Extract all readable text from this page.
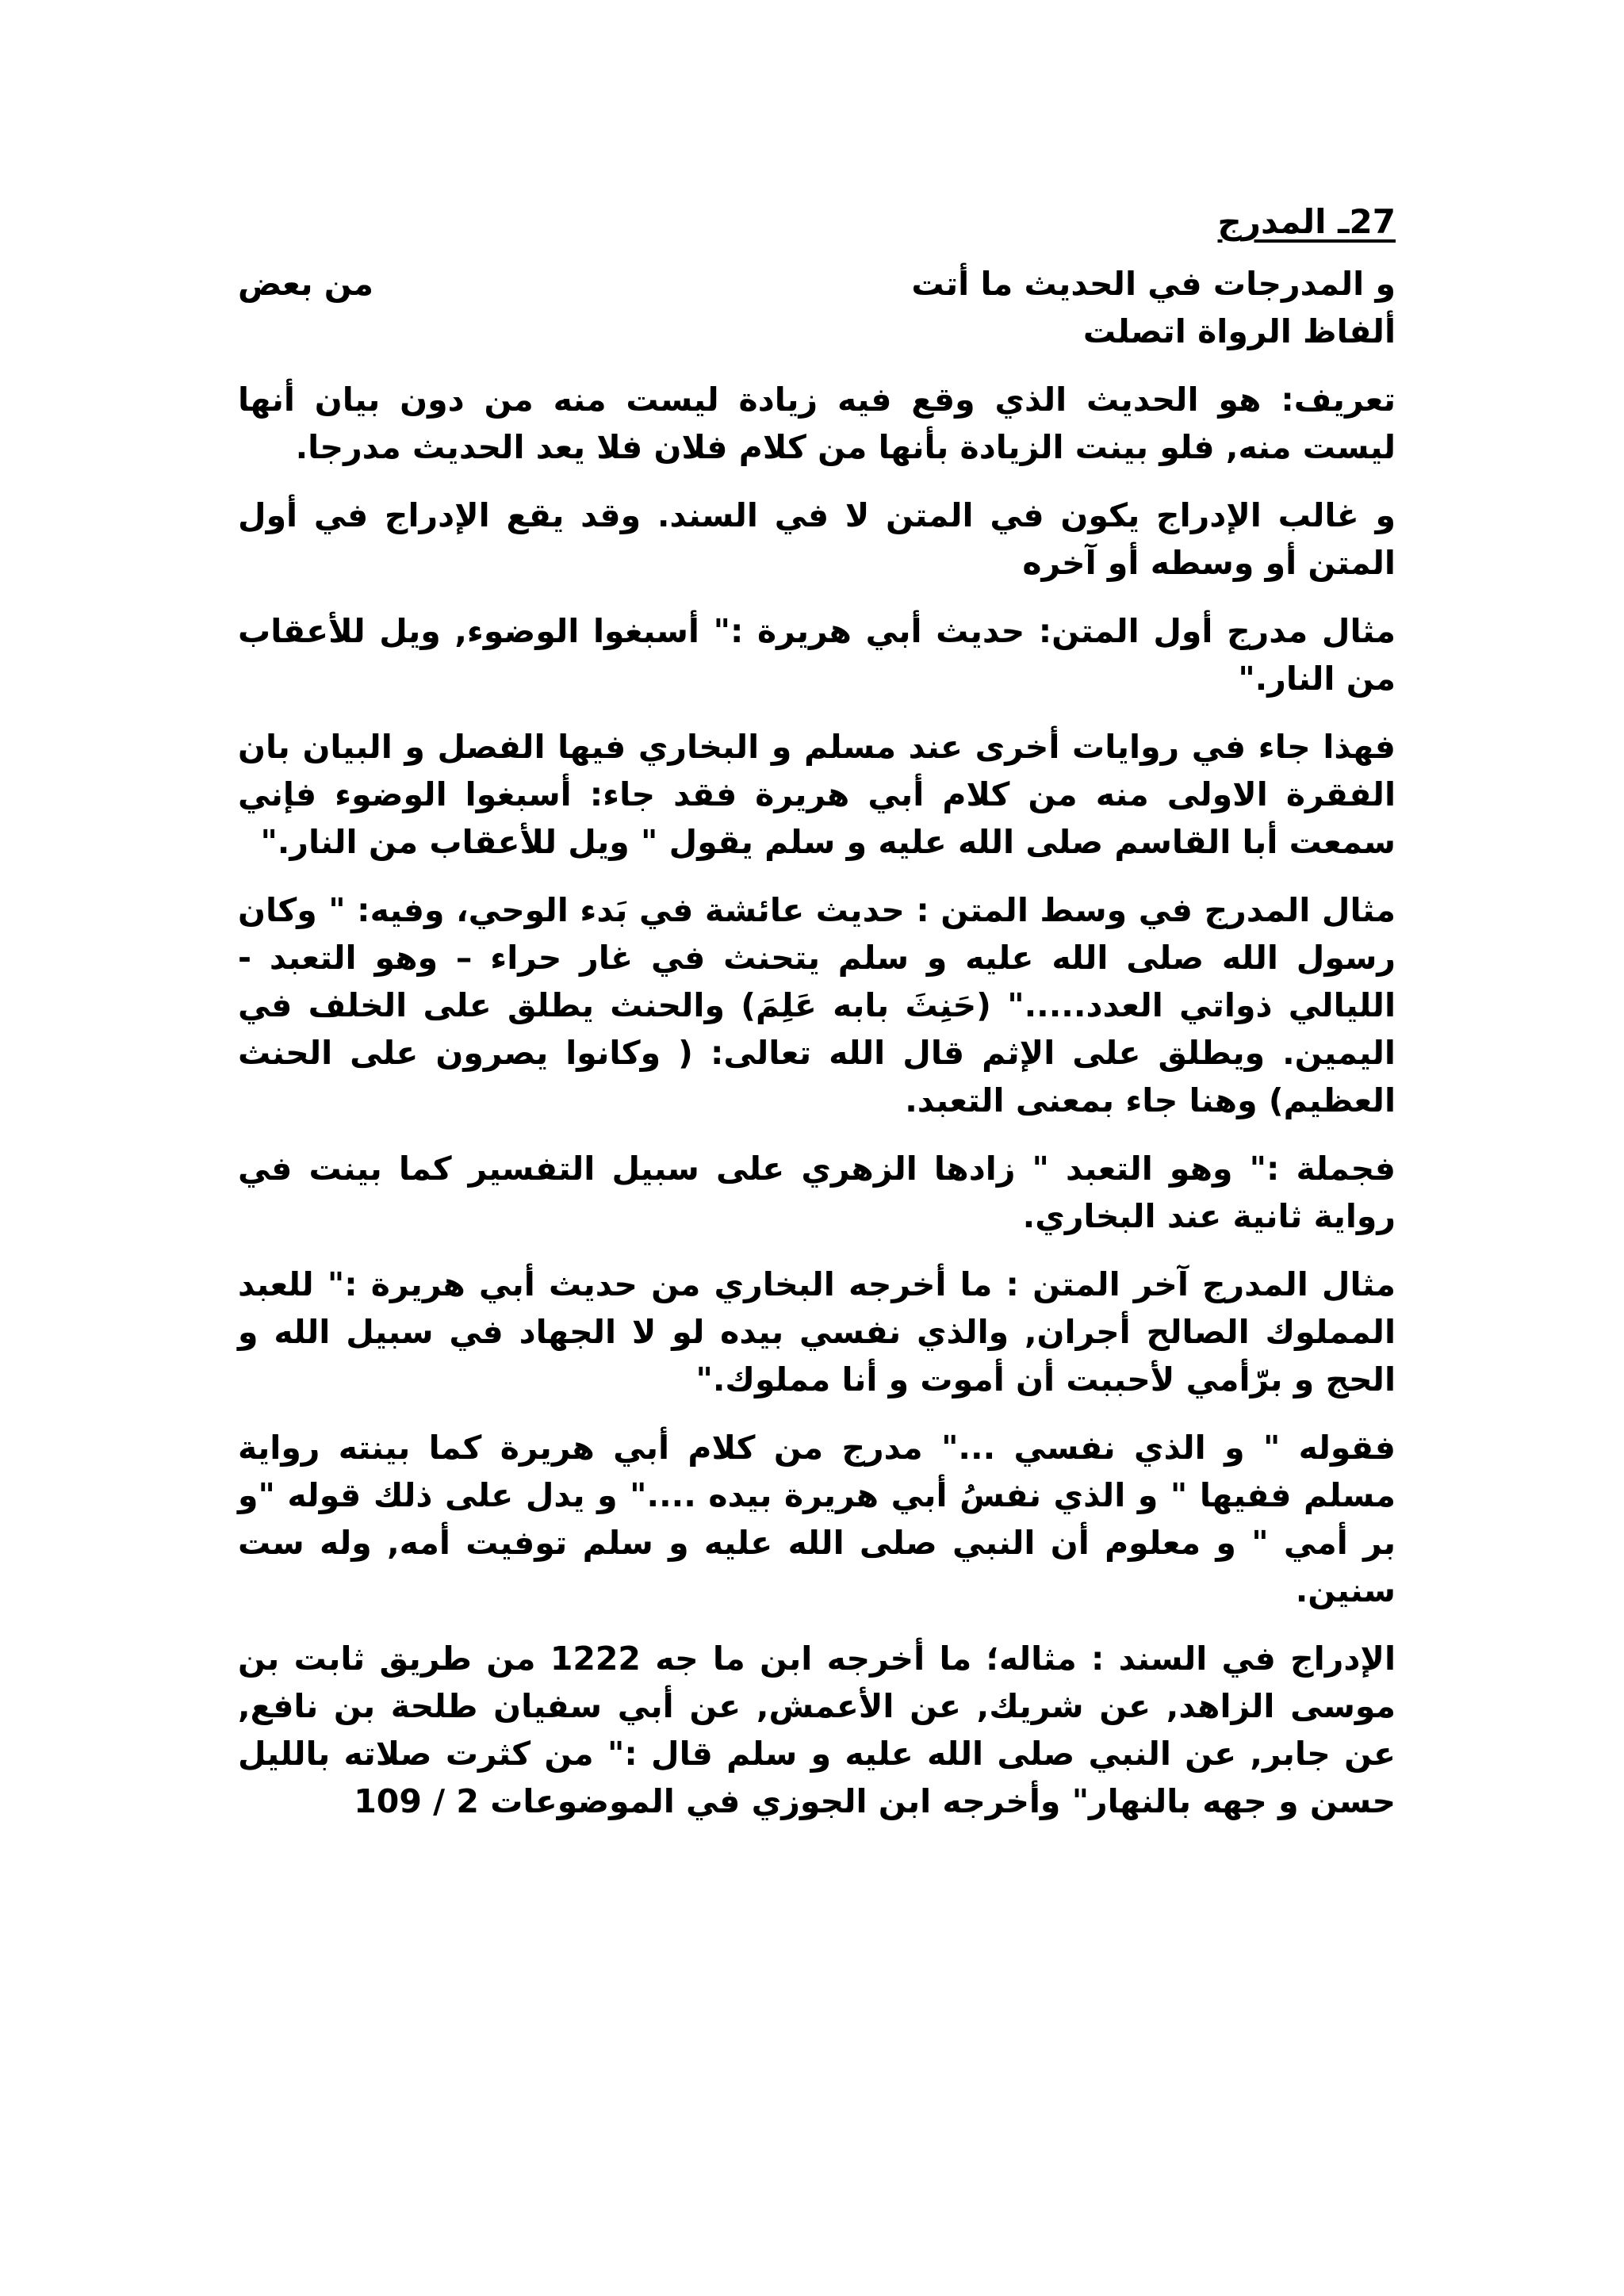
27ـ المدرج
و المدرجات في الحديث ما أتت
من بعض
ألفاظ الرواة اتصلت

تعريف: هو الحديث الذي وقع فيه زيادة ليست منه من دون بيان أنها ليست منه, فلو بينت الزيادة بأنها من كلام فلان فلا يعد الحديث مدرجا.

و غالب الإدراج يكون في المتن لا في السند. وقد يقع الإدراج في أول المتن أو وسطه أو آخره

مثال مدرج أول المتن: حديث أبي هريرة :" أسبغوا الوضوء, ويل للأعقاب من النار."

فهذا جاء في روايات أخرى عند مسلم و البخاري فيها الفصل و البيان بان الفقرة الاولى منه من كلام أبي هريرة فقد جاء: أسبغوا الوضوء فإني سمعت أبا القاسم صلى الله عليه و سلم يقول " ويل للأعقاب من النار."

مثال المدرج في وسط المتن : حديث عائشة في بَدء الوحي، وفيه: " وكان رسول الله صلى الله عليه و سلم يتحنث في غار حراء – وهو التعبد - الليالي ذواتي العدد....." (حَنِثَ بابه عَلِمَ) والحنث يطلق على الخلف في اليمين. ويطلق على الإثم قال الله تعالى: ( وكانوا يصرون على الحنث العظيم) وهنا جاء بمعنى التعبد.

فجملة :" وهو التعبد " زادها الزهري على سبيل التفسير كما بينت في رواية ثانية عند البخاري.

مثال المدرج آخر المتن : ما أخرجه البخاري من حديث أبي هريرة :" للعبد المملوك الصالح أجران, والذي نفسي بيده لو لا الجهاد في سبيل الله و الحج و برّأمي لأحببت أن أموت و أنا مملوك."

فقوله " و الذي نفسي ..." مدرج من كلام أبي هريرة كما بينته رواية مسلم ففيها " و الذي نفسُ أبي هريرة بيده ...." و يدل على ذلك قوله "و بر أمي " و معلوم أن النبي صلى الله عليه و سلم توفيت أمه, وله ست سنين.

الإدراج في السند : مثاله؛ ما أخرجه ابن ما جه 1222 من طريق ثابت بن موسى الزاهد, عن شريك, عن الأعمش, عن أبي سفيان طلحة بن نافع, عن جابر, عن النبي صلى الله عليه و سلم قال :" من كثرت صلاته بالليل حسن و جهه بالنهار" وأخرجه ابن الجوزي في الموضوعات 2 / 109
